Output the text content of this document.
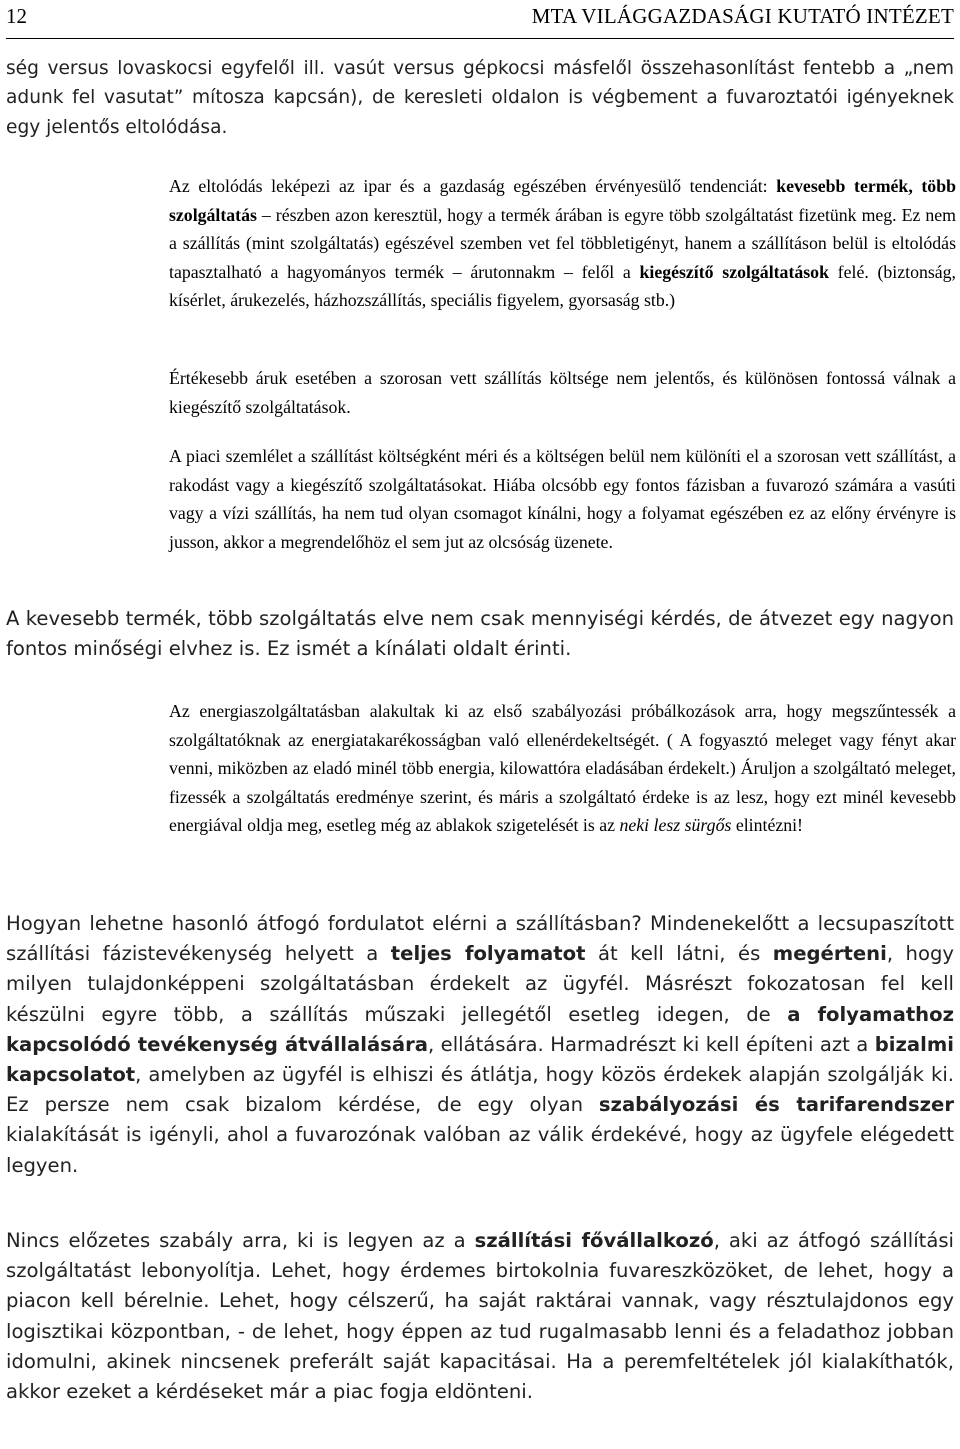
12	MTA VILÁGGAZDASÁGI KUTATÓ INTÉZET

ség versus lovaskocsi egyfelől ill. vasút versus gépkocsi másfelől összehasonlítást fentebb a „nem adunk fel vasutat” mítosza kapcsán), de keresleti oldalon is végbement a fuvaroztatói igényeknek egy jelentős eltolódása.

Az eltolódás leképezi az ipar és a gazdaság egészében érvényesülő tendenciát: kevesebb termék, több szolgáltatás – részben azon keresztül, hogy a termék árában is egyre több szolgáltatást fizetünk meg. Ez nem a szállítás (mint szolgáltatás) egészével szemben vet fel többletigényt, hanem a szállításon belül is eltolódás tapasztalható a hagyományos termék – árutonnakm – felől a kiegészítő szolgáltatások felé. (biztonság, kísérlet, árukezelés, házhozszállítás, speciális figyelem, gyorsaság stb.)

Értékesebb áruk esetében a szorosan vett szállítás költsége nem jelentős, és különösen fontossá válnak a kiegészítő szolgáltatások.

A piaci szemlélet a szállítást költségként méri és a költségen belül nem különíti el a szorosan vett szállítást, a rakodást vagy a kiegészítő szolgáltatásokat. Hiába olcsóbb egy fontos fázisban a fuvarozó számára a vasúti vagy a vízi szállítás, ha nem tud olyan csomagot kínálni, hogy a folyamat egészében ez az előny érvényre is jusson, akkor a megrendelőhöz el sem jut az olcsóság üzenete.

A kevesebb termék, több szolgáltatás elve nem csak mennyiségi kérdés, de átvezet egy nagyon fontos minőségi elvhez is. Ez ismét a kínálati oldalt érinti.

Az energiaszolgáltatásban alakultak ki az első szabályozási próbálkozások arra, hogy megszűntessék a szolgáltatóknak az energiatakarékosságban való ellenérdekeltségét. ( A fogyasztó meleget vagy fényt akar venni, miközben az eladó minél több energia, kilowattóra eladásában érdekelt.) Áruljon a szolgáltató meleget, fizessék a szolgáltatás eredménye szerint, és máris a szolgáltató érdeke is az lesz, hogy ezt minél kevesebb energiával oldja meg, esetleg még az ablakok szigetelését is az neki lesz sürgős elintézni!

Hogyan lehetne hasonló átfogó fordulatot elérni a szállításban? Mindenekelőtt a lecsupaszított szállítási fázistevékenység helyett a teljes folyamatot át kell látni, és megérteni, hogy milyen tulajdonképpeni szolgáltatásban érdekelt az ügyfél. Másrészt fokozatosan fel kell készülni egyre több, a szállítás műszaki jellegétől esetleg idegen, de a folyamathoz kapcsolódó tevékenység átvállalására, ellátására. Harmadrészt ki kell építeni azt a bizalmi kapcsolatot, amelyben az ügyfél is elhiszi és átlátja, hogy közös érdekek alapján szolgálják ki. Ez persze nem csak bizalom kérdése, de egy olyan szabályozási és tarifarendszer kialakítását is igényli, ahol a fuvarozónak valóban az válik érdekévé, hogy az ügyfele elégedett legyen.

Nincs előzetes szabály arra, ki is legyen az a szállítási fővállalkozó, aki az átfogó szállítási szolgáltatást lebonyolítja. Lehet, hogy érdemes birtokolnia fuvareszközöket, de lehet, hogy a piacon kell bérelnie. Lehet, hogy célszerű, ha saját raktárai vannak, vagy résztulajdonos egy logisztikai központban, - de lehet, hogy éppen az tud rugalmasabb lenni és a feladathoz jobban idomulni, akinek nincsenek preferált saját kapacitásai. Ha a peremfeltételek jól kialakíthatók, akkor ezeket a kérdéseket már a piac fogja eldönteni.
